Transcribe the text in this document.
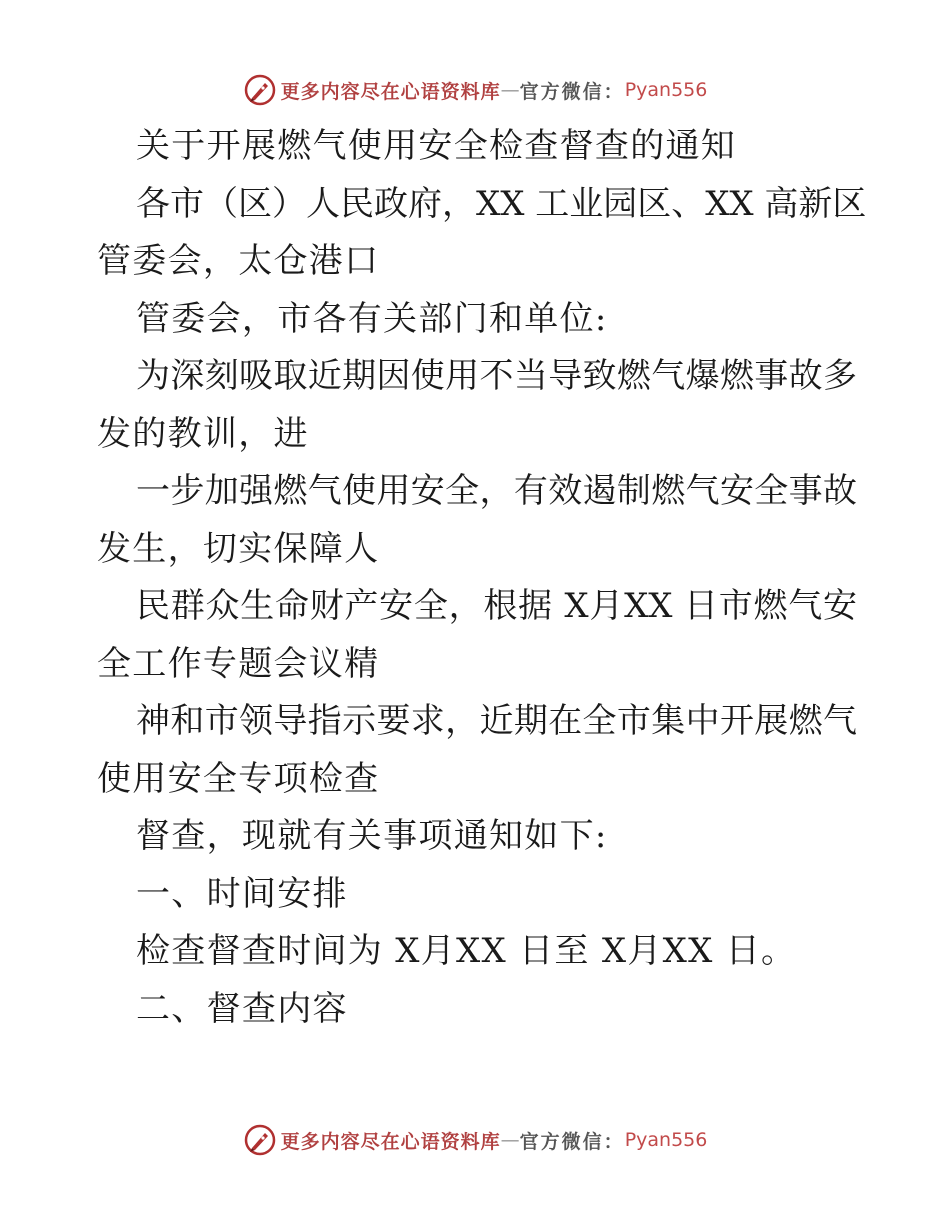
更多内容尽在心语资料库 — 官方微信： Pyan556
关于开展燃气使用安全检查督查的通知
各市（区）人民政府，XX 工业园区、XX 高新区
管委会，太仓港口
管委会，市各有关部门和单位:
为深刻吸取近期因使用不当导致燃气爆燃事故多
发的教训，进
一步加强燃气使用安全，有效遏制燃气安全事故
发生，切实保障人
民群众生命财产安全，根据 X月XX 日市燃气安
全工作专题会议精
神和市领导指示要求，近期在全市集中开展燃气
使用安全专项检查
督查，现就有关事项通知如下:
一、时间安排
检查督查时间为 X月XX 日至 X月XX 日。
二、督查内容
更多内容尽在心语资料库 — 官方微信： Pyan556
